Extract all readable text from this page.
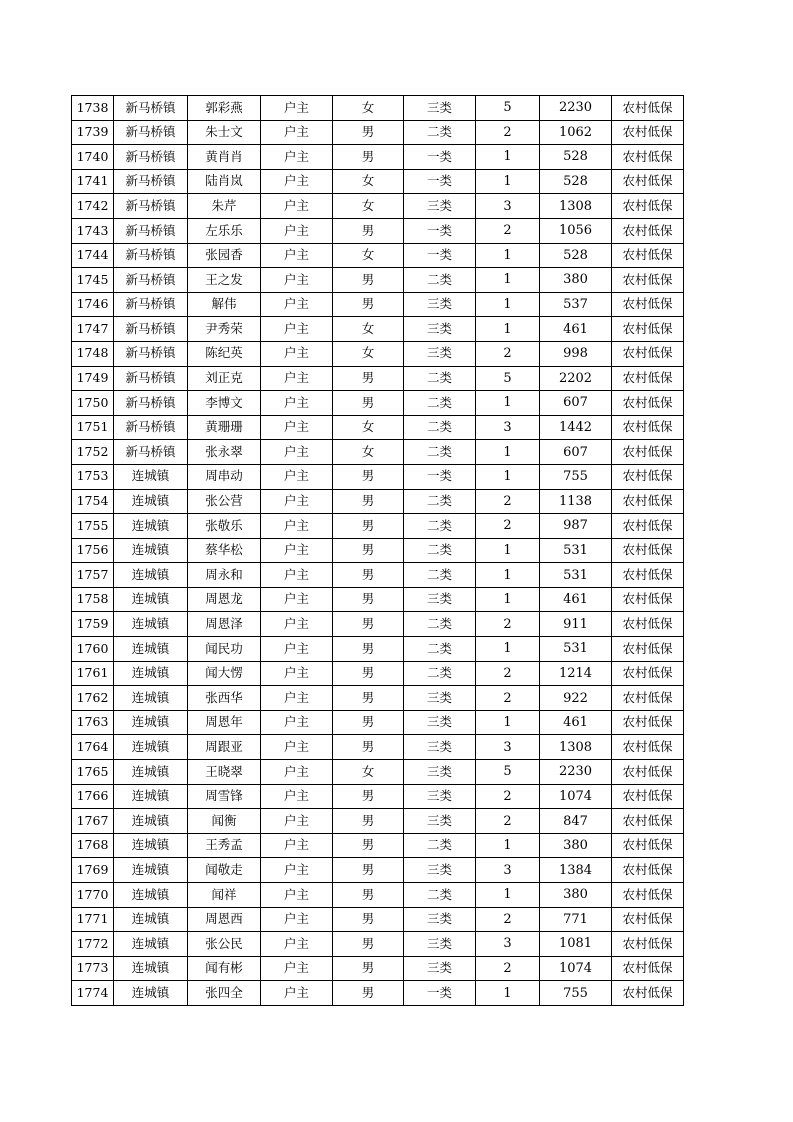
1738	新马桥镇	郭彩燕	户主	女	三类	5	2230	农村低保
1739	新马桥镇	朱士文	户主	男	二类	2	1062	农村低保
1740	新马桥镇	黄肖肖	户主	男	一类	1	528	农村低保
1741	新马桥镇	陆肖岚	户主	女	一类	1	528	农村低保
1742	新马桥镇	朱芹	户主	女	三类	3	1308	农村低保
1743	新马桥镇	左乐乐	户主	男	一类	2	1056	农村低保
1744	新马桥镇	张园香	户主	女	一类	1	528	农村低保
1745	新马桥镇	王之发	户主	男	二类	1	380	农村低保
1746	新马桥镇	解伟	户主	男	三类	1	537	农村低保
1747	新马桥镇	尹秀荣	户主	女	三类	1	461	农村低保
1748	新马桥镇	陈纪英	户主	女	三类	2	998	农村低保
1749	新马桥镇	刘正克	户主	男	二类	5	2202	农村低保
1750	新马桥镇	李博文	户主	男	二类	1	607	农村低保
1751	新马桥镇	黄珊珊	户主	女	二类	3	1442	农村低保
1752	新马桥镇	张永翠	户主	女	二类	1	607	农村低保
1753	连城镇	周串动	户主	男	一类	1	755	农村低保
1754	连城镇	张公营	户主	男	二类	2	1138	农村低保
1755	连城镇	张敬乐	户主	男	二类	2	987	农村低保
1756	连城镇	蔡华松	户主	男	二类	1	531	农村低保
1757	连城镇	周永和	户主	男	二类	1	531	农村低保
1758	连城镇	周恩龙	户主	男	三类	1	461	农村低保
1759	连城镇	周恩泽	户主	男	二类	2	911	农村低保
1760	连城镇	闻民功	户主	男	二类	1	531	农村低保
1761	连城镇	闻大愣	户主	男	二类	2	1214	农村低保
1762	连城镇	张西华	户主	男	三类	2	922	农村低保
1763	连城镇	周恩年	户主	男	三类	1	461	农村低保
1764	连城镇	周跟亚	户主	男	三类	3	1308	农村低保
1765	连城镇	王晓翠	户主	女	三类	5	2230	农村低保
1766	连城镇	周雪锋	户主	男	三类	2	1074	农村低保
1767	连城镇	闻衡	户主	男	三类	2	847	农村低保
1768	连城镇	王秀孟	户主	男	二类	1	380	农村低保
1769	连城镇	闻敬走	户主	男	三类	3	1384	农村低保
1770	连城镇	闻祥	户主	男	二类	1	380	农村低保
1771	连城镇	周恩西	户主	男	三类	2	771	农村低保
1772	连城镇	张公民	户主	男	三类	3	1081	农村低保
1773	连城镇	闻有彬	户主	男	三类	2	1074	农村低保
1774	连城镇	张四全	户主	男	一类	1	755	农村低保
